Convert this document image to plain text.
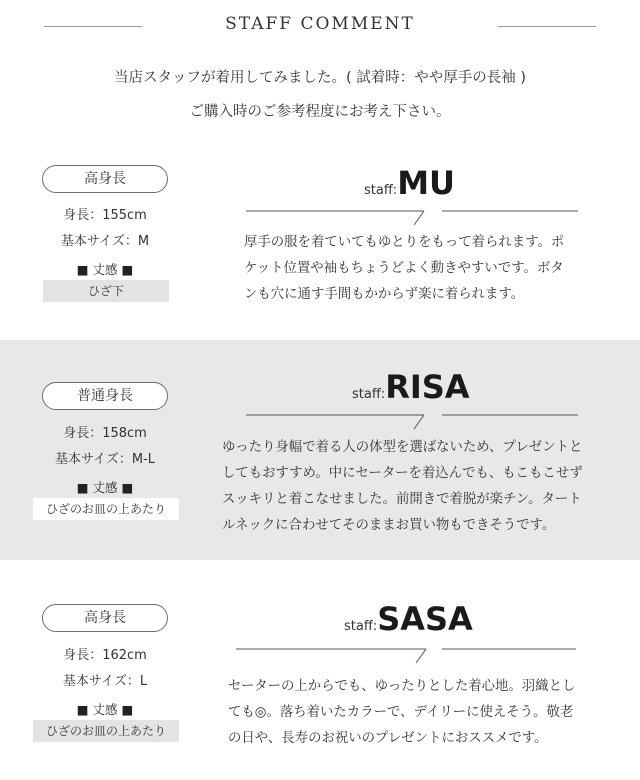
STAFF COMMENT
当店スタッフが着用してみました。( 試着時：やや厚手の長袖 )
ご購入時のご参考程度にお考え下さい。
高身長
身長：155cm
基本サイズ：M
■ 丈感 ■
ひざ下
staff:MU
厚手の服を着ていてもゆとりをもって着られます。ポ
ケット位置や袖もちょうどよく動きやすいです。ボタ
ンも穴に通す手間もかからず楽に着られます。
普通身長
身長：158cm
基本サイズ：M-L
■ 丈感 ■
ひざのお皿の上あたり
staff:RISA
ゆったり身幅で着る人の体型を選ばないため、プレゼントと
してもおすすめ。中にセーターを着込んでも、もこもこせず
スッキリと着こなせました。前開きで着脱が楽チン。タート
ルネックに合わせてそのままお買い物もできそうです。
高身長
身長：162cm
基本サイズ：L
■ 丈感 ■
ひざのお皿の上あたり
staff:SASA
セーターの上からでも、ゆったりとした着心地。羽織とし
ても◎。落ち着いたカラーで、デイリーに使えそう。敬老
の日や、長寿のお祝いのプレゼントにおススメです。
